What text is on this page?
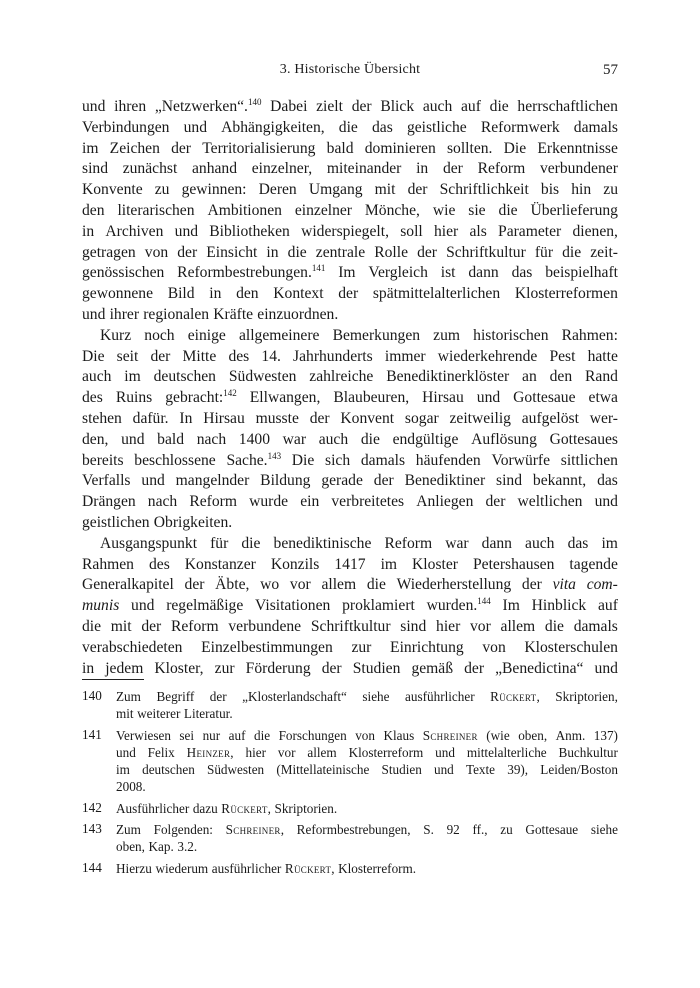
3. Historische Übersicht	57
und ihren „Netzwerken“.$^{140}$ Dabei zielt der Blick auch auf die herrschaftlichen
Verbindungen und Abhängigkeiten, die das geistliche Reformwerk damals
im Zeichen der Territorialisierung bald dominieren sollten. Die Erkenntnisse
sind zunächst anhand einzelner, miteinander in der Reform verbundener
Konvente zu gewinnen: Deren Umgang mit der Schriftlichkeit bis hin zu
den literarischen Ambitionen einzelner Mönche, wie sie die Überlieferung
in Archiven und Bibliotheken widerspiegelt, soll hier als Parameter dienen,
getragen von der Einsicht in die zentrale Rolle der Schriftkultur für die zeit-
genössischen Reformbestrebungen.$^{141}$ Im Vergleich ist dann das beispielhaft
gewonnene Bild in den Kontext der spätmittelalterlichen Klosterreformen
und ihrer regionalen Kräfte einzuordnen.
Kurz noch einige allgemeinere Bemerkungen zum historischen Rahmen:
Die seit der Mitte des 14. Jahrhunderts immer wiederkehrende Pest hatte
auch im deutschen Südwesten zahlreiche Benediktinerklöster an den Rand
des Ruins gebracht:$^{142}$ Ellwangen, Blaubeuren, Hirsau und Gottesaue etwa
stehen dafür. In Hirsau musste der Konvent sogar zeitweilig aufgelöst wer-
den, und bald nach 1400 war auch die endgültige Auflösung Gottesaues
bereits beschlossene Sache.$^{143}$ Die sich damals häufenden Vorwürfe sittlichen
Verfalls und mangelnder Bildung gerade der Benediktiner sind bekannt, das
Drängen nach Reform wurde ein verbreitetes Anliegen der weltlichen und
geistlichen Obrigkeiten.
Ausgangspunkt für die benediktinische Reform war dann auch das im
Rahmen des Konstanzer Konzils 1417 im Kloster Petershausen tagende
Generalkapitel der Äbte, wo vor allem die Wiederherstellung der vita com-
munis und regelmäßige Visitationen proklamiert wurden.$^{144}$ Im Hinblick auf
die mit der Reform verbundene Schriftkultur sind hier vor allem die damals
verabschiedeten Einzelbestimmungen zur Einrichtung von Klosterschulen
in jedem Kloster, zur Förderung der Studien gemäß der „Benedictina“ und
140 Zum Begriff der „Klosterlandschaft“ siehe ausführlicher Rückert, Skriptorien,
mit weiterer Literatur.
141 Verwiesen sei nur auf die Forschungen von Klaus Schreiner (wie oben, Anm. 137)
und Felix Heinzer, hier vor allem Klosterreform und mittelalterliche Buchkultur
im deutschen Südwesten (Mittellateinische Studien und Texte 39), Leiden/Boston
2008.
142 Ausführlicher dazu Rückert, Skriptorien.
143 Zum Folgenden: Schreiner, Reformbestrebungen, S. 92 ff., zu Gottesaue siehe
oben, Kap. 3.2.
144 Hierzu wiederum ausführlicher Rückert, Klosterreform.
